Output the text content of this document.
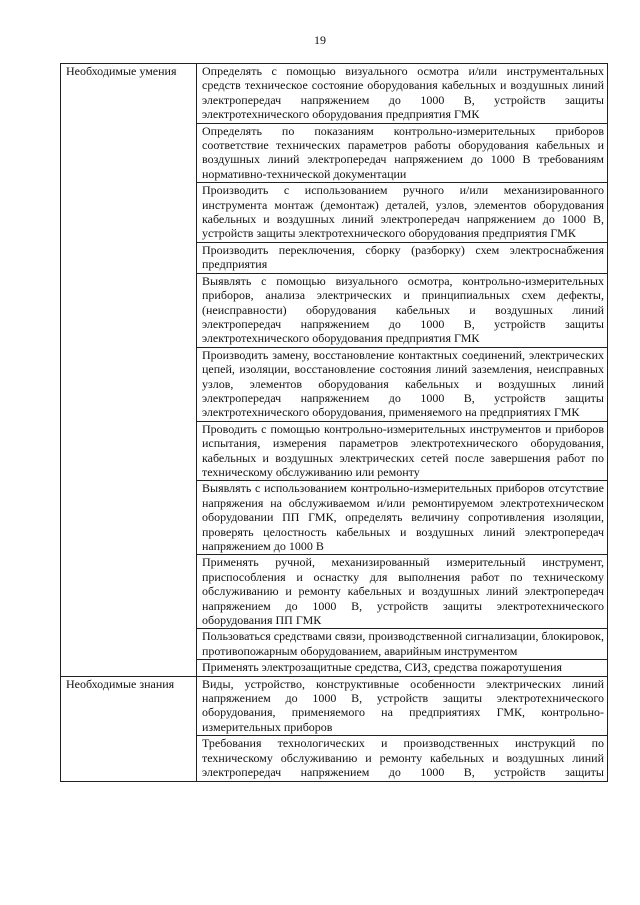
19
Необходимые умения	Определять с помощью визуального осмотра и/или инструментальных средств техническое состояние оборудования кабельных и воздушных линий электропередач напряжением до 1000 В, устройств защиты электротехнического оборудования предприятия ГМК
	Определять по показаниям контрольно-измерительных приборов соответствие технических параметров работы оборудования кабельных и воздушных линий электропередач напряжением до 1000 В требованиям нормативно-технической документации
	Производить с использованием ручного и/или механизированного инструмента монтаж (демонтаж) деталей, узлов, элементов оборудования кабельных и воздушных линий электропередач напряжением до 1000 В, устройств защиты электротехнического оборудования предприятия ГМК
	Производить переключения, сборку (разборку) схем электроснабжения предприятия
	Выявлять с помощью визуального осмотра, контрольно-измерительных приборов, анализа электрических и принципиальных схем дефекты, (неисправности) оборудования кабельных и воздушных линий электропередач напряжением до 1000 В, устройств защиты электротехнического оборудования предприятия ГМК
	Производить замену, восстановление контактных соединений, электрических цепей, изоляции, восстановление состояния линий заземления, неисправных узлов, элементов оборудования кабельных и воздушных линий электропередач напряжением до 1000 В, устройств защиты электротехнического оборудования, применяемого на предприятиях ГМК
	Проводить с помощью контрольно-измерительных инструментов и приборов испытания, измерения параметров электротехнического оборудования, кабельных и воздушных электрических сетей после завершения работ по техническому обслуживанию или ремонту
	Выявлять с использованием контрольно-измерительных приборов отсутствие напряжения на обслуживаемом и/или ремонтируемом электротехническом оборудовании ПП ГМК, определять величину сопротивления изоляции, проверять целостность кабельных и воздушных линий электропередач напряжением до 1000 В
	Применять ручной, механизированный измерительный инструмент, приспособления и оснастку для выполнения работ по техническому обслуживанию и ремонту кабельных и воздушных линий электропередач напряжением до 1000 В, устройств защиты электротехнического оборудования ПП ГМК
	Пользоваться средствами связи, производственной сигнализации, блокировок, противопожарным оборудованием, аварийным инструментом
	Применять электрозащитные средства, СИЗ, средства пожаротушения
Необходимые знания	Виды, устройство, конструктивные особенности электрических линий напряжением до 1000 В, устройств защиты электротехнического оборудования, применяемого на предприятиях ГМК, контрольно-измерительных приборов
	Требования технологических и производственных инструкций по техническому обслуживанию и ремонту кабельных и воздушных линий электропередач напряжением до 1000 В, устройств защиты
